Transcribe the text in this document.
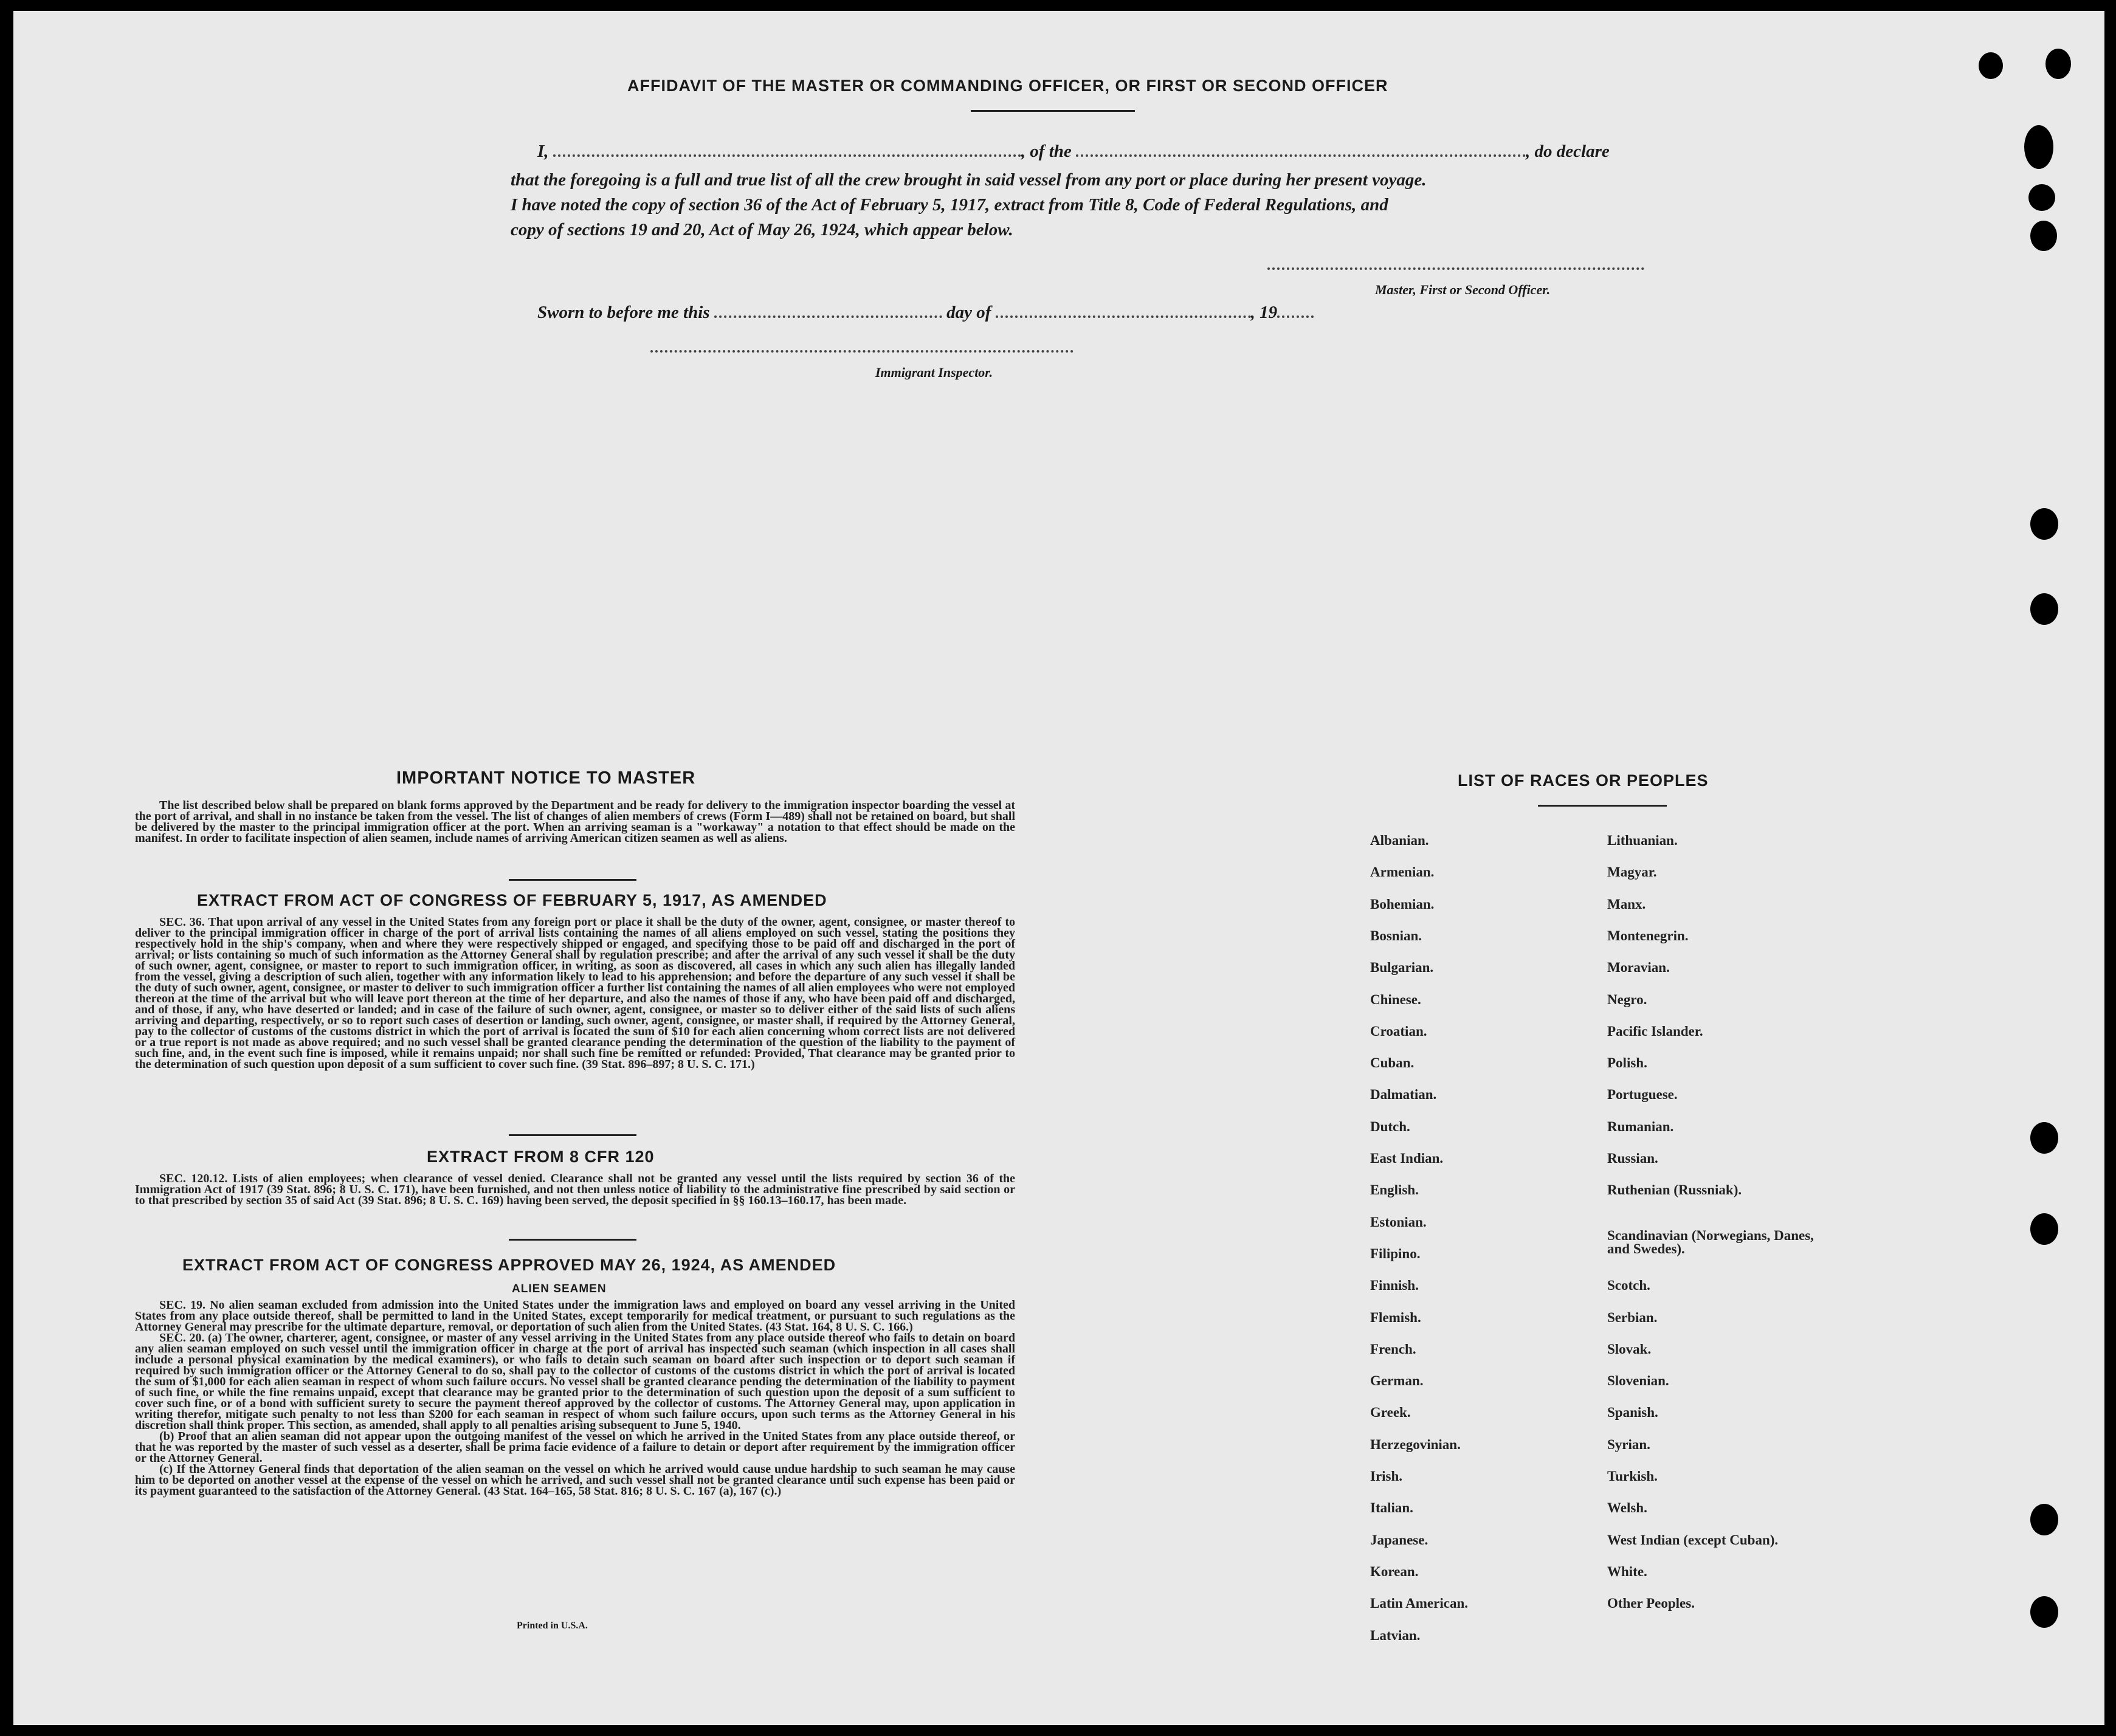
AFFIDAVIT OF THE MASTER OR COMMANDING OFFICER, OR FIRST OR SECOND OFFICER
I,	, of the	, do declare
that the foregoing is a full and true list of all the crew brought in said vessel from any port or place during her present voyage.
I have noted the copy of section 36 of the Act of February 5, 1917, extract from Title 8, Code of Federal Regulations, and
copy of sections 19 and 20, Act of May 26, 1924, which appear below.
Master, First or Second Officer.
Sworn to before me this	day of	, 19
Immigrant Inspector.
IMPORTANT NOTICE TO MASTER

The list described below shall be prepared on blank forms approved by the Department and be ready for delivery to the immigration inspector boarding the vessel at the port of arrival, and shall in no instance be taken from the vessel. The list of changes of alien members of crews (Form I—489) shall not be retained on board, but shall be delivered by the master to the principal immigration officer at the port. When an arriving seaman is a "workaway" a notation to that effect should be made on the manifest. In order to facilitate inspection of alien seamen, include names of arriving American citizen seamen as well as aliens.

EXTRACT FROM ACT OF CONGRESS OF FEBRUARY 5, 1917, AS AMENDED

SEC. 36. That upon arrival of any vessel in the United States from any foreign port or place it shall be the duty of the owner, agent, consignee, or master thereof to deliver to the principal immigration officer in charge of the port of arrival lists containing the names of all aliens employed on such vessel, stating the positions they respectively hold in the ship's company, when and where they were respectively shipped or engaged, and specifying those to be paid off and discharged in the port of arrival; or lists containing so much of such information as the Attorney General shall by regulation prescribe; and after the arrival of any such vessel it shall be the duty of such owner, agent, consignee, or master to report to such immigration officer, in writing, as soon as discovered, all cases in which any such alien has illegally landed from the vessel, giving a description of such alien, together with any information likely to lead to his apprehension; and before the departure of any such vessel it shall be the duty of such owner, agent, consignee, or master to deliver to such immigration officer a further list containing the names of all alien employees who were not employed thereon at the time of the arrival but who will leave port thereon at the time of her departure, and also the names of those if any, who have been paid off and discharged, and of those, if any, who have deserted or landed; and in case of the failure of such owner, agent, consignee, or master so to deliver either of the said lists of such aliens arriving and departing, respectively, or so to report such cases of desertion or landing, such owner, agent, consignee, or master shall, if required by the Attorney General, pay to the collector of customs of the customs district in which the port of arrival is located the sum of $10 for each alien concerning whom correct lists are not delivered or a true report is not made as above required; and no such vessel shall be granted clearance pending the determination of the question of the liability to the payment of such fine, and, in the event such fine is imposed, while it remains unpaid; nor shall such fine be remitted or refunded: Provided, That clearance may be granted prior to the determination of such question upon deposit of a sum sufficient to cover such fine. (39 Stat. 896–897; 8 U. S. C. 171.)

EXTRACT FROM 8 CFR 120

SEC. 120.12. Lists of alien employees; when clearance of vessel denied. Clearance shall not be granted any vessel until the lists required by section 36 of the Immigration Act of 1917 (39 Stat. 896; 8 U. S. C. 171), have been furnished, and not then unless notice of liability to the administrative fine prescribed by said section or to that prescribed by section 35 of said Act (39 Stat. 896; 8 U. S. C. 169) having been served, the deposit specified in §§ 160.13–160.17, has been made.

EXTRACT FROM ACT OF CONGRESS APPROVED MAY 26, 1924, AS AMENDED
ALIEN SEAMEN

SEC. 19. No alien seaman excluded from admission into the United States under the immigration laws and employed on board any vessel arriving in the United States from any place outside thereof, shall be permitted to land in the United States, except temporarily for medical treatment, or pursuant to such regulations as the Attorney General may prescribe for the ultimate departure, removal, or deportation of such alien from the United States. (43 Stat. 164, 8 U. S. C. 166.)

SEC. 20. (a) The owner, charterer, agent, consignee, or master of any vessel arriving in the United States from any place outside thereof who fails to detain on board any alien seaman employed on such vessel until the immigration officer in charge at the port of arrival has inspected such seaman (which inspection in all cases shall include a personal physical examination by the medical examiners), or who fails to detain such seaman on board after such inspection or to deport such seaman if required by such immigration officer or the Attorney General to do so, shall pay to the collector of customs of the customs district in which the port of arrival is located the sum of $1,000 for each alien seaman in respect of whom such failure occurs. No vessel shall be granted clearance pending the determination of the liability to payment of such fine, or while the fine remains unpaid, except that clearance may be granted prior to the determination of such question upon the deposit of a sum sufficient to cover such fine, or of a bond with sufficient surety to secure the payment thereof approved by the collector of customs. The Attorney General may, upon application in writing therefor, mitigate such penalty to not less than $200 for each seaman in respect of whom such failure occurs, upon such terms as the Attorney General in his discretion shall think proper. This section, as amended, shall apply to all penalties arising subsequent to June 5, 1940.

(b) Proof that an alien seaman did not appear upon the outgoing manifest of the vessel on which he arrived in the United States from any place outside thereof, or that he was reported by the master of such vessel as a deserter, shall be prima facie evidence of a failure to detain or deport after requirement by the immigration officer or the Attorney General.

(c) If the Attorney General finds that deportation of the alien seaman on the vessel on which he arrived would cause undue hardship to such seaman he may cause him to be deported on another vessel at the expense of the vessel on which he arrived, and such vessel shall not be granted clearance until such expense has been paid or its payment guaranteed to the satisfaction of the Attorney General. (43 Stat. 164–165, 58 Stat. 816; 8 U. S. C. 167 (a), 167 (c).)

Printed in U.S.A.
LIST OF RACES OR PEOPLES
Albanian.
Armenian.
Bohemian.
Bosnian.
Bulgarian.
Chinese.
Croatian.
Cuban.
Dalmatian.
Dutch.
East Indian.
English.
Estonian.
Filipino.
Finnish.
Flemish.
French.
German.
Greek.
Herzegovinian.
Irish.
Italian.
Japanese.
Korean.
Latin American.
Latvian.
Lithuanian.
Magyar.
Manx.
Montenegrin.
Moravian.
Negro.
Pacific Islander.
Polish.
Portuguese.
Rumanian.
Russian.
Ruthenian (Russniak).
Scandinavian (Norwegians, Danes, and Swedes).
Scotch.
Serbian.
Slovak.
Slovenian.
Spanish.
Syrian.
Turkish.
Welsh.
West Indian (except Cuban).
White.
Other Peoples.
